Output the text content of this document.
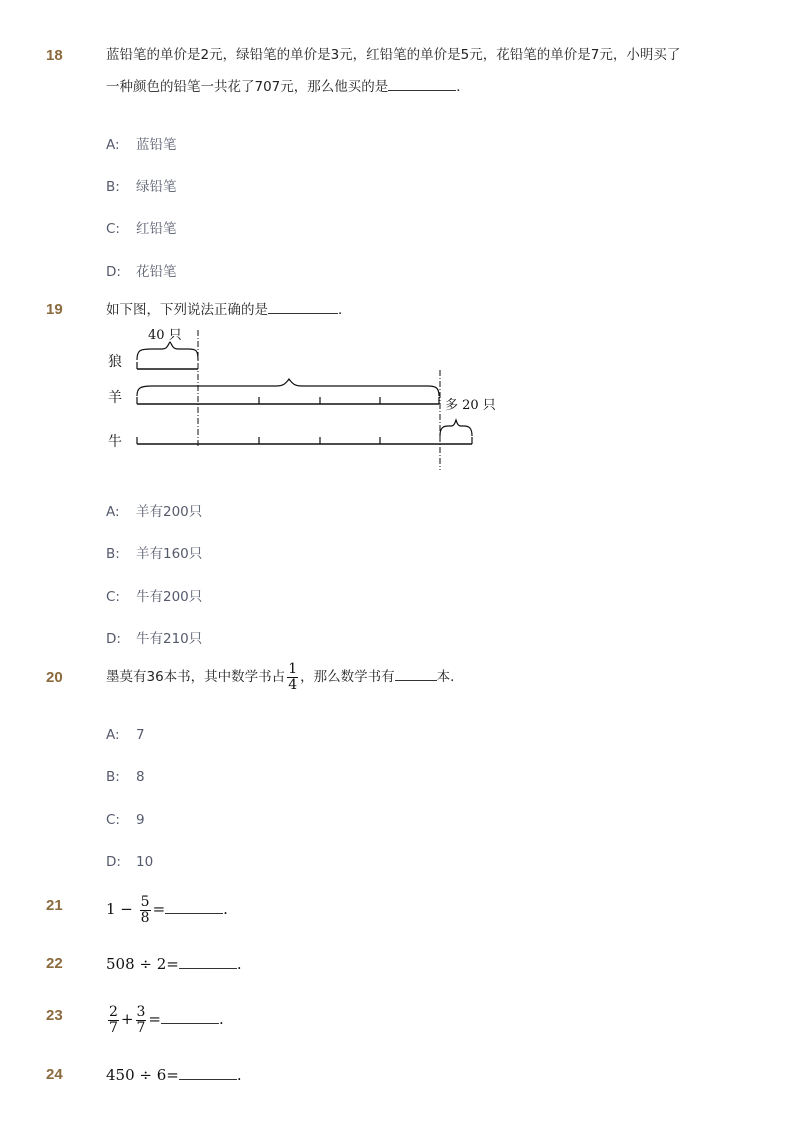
18	蓝铅笔的单价是2元，绿铅笔的单价是3元，红铅笔的单价是5元，花铅笔的单价是7元，小明买了
一种颜色的铅笔一共花了707元，那么他买的是	．
A: 蓝铅笔
B: 绿铅笔
C: 红铅笔
D: 花铅笔
19	如下图，下列说法正确的是	．
狼
羊
牛
40 只
多 20 只
A: 羊有200只
B: 羊有160只
C: 牛有200只
D: 牛有210只
20	墨莫有36本书，其中数学书占 $\frac{1}{4}$ ，那么数学书有	本．
A: 7
B: 8
C: 9
D: 10
21	$1 - \frac{5}{8}$ =	.
22	508 ÷ 2=	.
23	$\frac{2}{7} + \frac{3}{7}$ =	.
24	450 ÷ 6=	.
